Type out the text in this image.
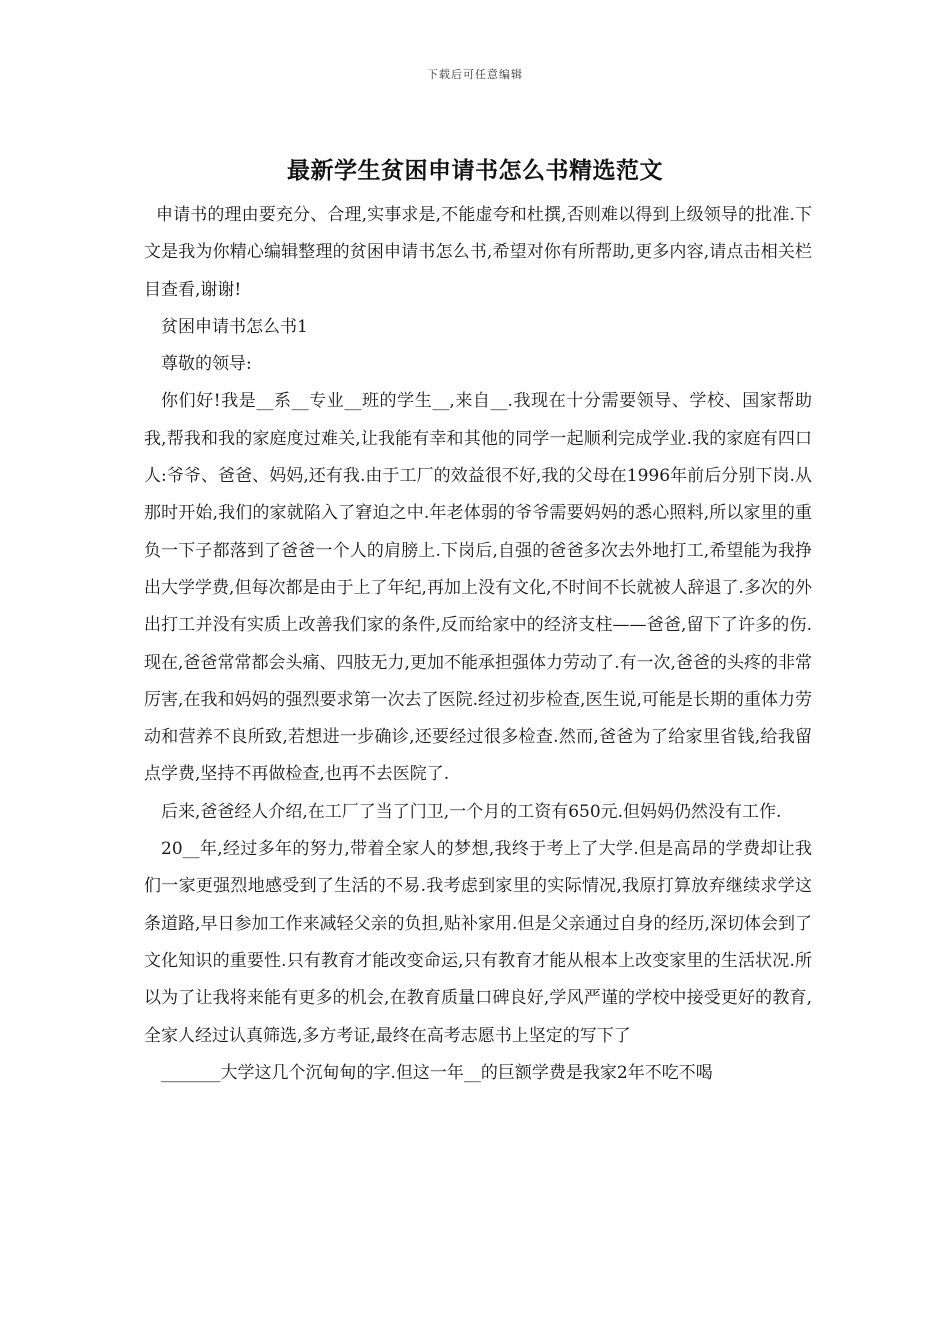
下载后可任意编辑
最新学生贫困申请书怎么书精选范文

申请书的理由要充分、合理,实事求是,不能虚夸和杜撰,否则难以得到上级领导的批准.下文是我为你精心编辑整理的贫困申请书怎么书,希望对你有所帮助,更多内容,请点击相关栏目查看,谢谢!

贫困申请书怎么书1

尊敬的领导:

你们好!我是__系__专业__班的学生__,来自__.我现在十分需要领导、学校、国家帮助我,帮我和我的家庭度过难关,让我能有幸和其他的同学一起顺利完成学业.我的家庭有四口人:爷爷、爸爸、妈妈,还有我.由于工厂的效益很不好,我的父母在1996年前后分别下岗.从那时开始,我们的家就陷入了窘迫之中.年老体弱的爷爷需要妈妈的悉心照料,所以家里的重负一下子都落到了爸爸一个人的肩膀上.下岗后,自强的爸爸多次去外地打工,希望能为我挣出大学学费,但每次都是由于上了年纪,再加上没有文化,不时间不长就被人辞退了.多次的外出打工并没有实质上改善我们家的条件,反而给家中的经济支柱——爸爸,留下了许多的伤.现在,爸爸常常都会头痛、四肢无力,更加不能承担强体力劳动了.有一次,爸爸的头疼的非常厉害,在我和妈妈的强烈要求第一次去了医院.经过初步检查,医生说,可能是长期的重体力劳动和营养不良所致,若想进一步确诊,还要经过很多检查.然而,爸爸为了给家里省钱,给我留点学费,坚持不再做检查,也再不去医院了.

后来,爸爸经人介绍,在工厂了当了门卫,一个月的工资有650元.但妈妈仍然没有工作.

20__年,经过多年的努力,带着全家人的梦想,我终于考上了大学.但是高昂的学费却让我们一家更强烈地感受到了生活的不易.我考虑到家里的实际情况,我原打算放弃继续求学这条道路,早日参加工作来减轻父亲的负担,贴补家用.但是父亲通过自身的经历,深切体会到了文化知识的重要性.只有教育才能改变命运,只有教育才能从根本上改变家里的生活状况.所以为了让我将来能有更多的机会,在教育质量口碑良好,学风严谨的学校中接受更好的教育,全家人经过认真筛选,多方考证,最终在高考志愿书上坚定的写下了

_______大学这几个沉甸甸的字.但这一年__的巨额学费是我家2年不吃不喝
